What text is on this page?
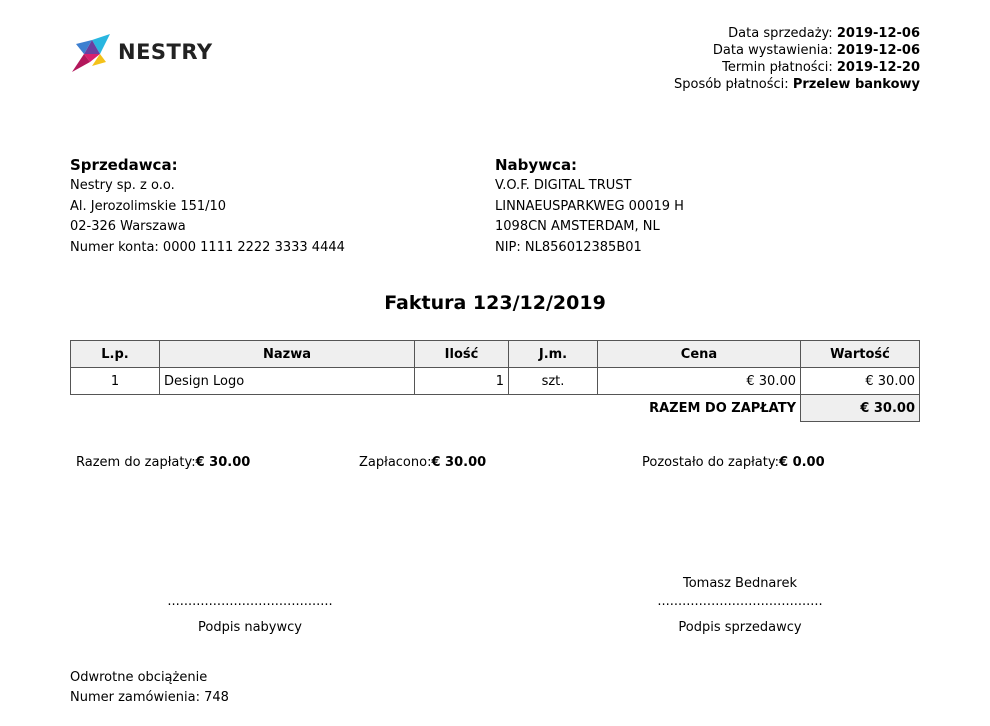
NESTRY
Data sprzedaży: 2019-12-06
Data wystawienia: 2019-12-06
Termin płatności: 2019-12-20
Sposób płatności: Przelew bankowy
Sprzedawca:
Nestry sp. z o.o.
Al. Jerozolimskie 151/10
02-326 Warszawa
Numer konta: 0000 1111 2222 3333 4444
Nabywca:
V.O.F. DIGITAL TRUST
LINNAEUSPARKWEG 00019 H
1098CN AMSTERDAM, NL
NIP: NL856012385B01
Faktura 123/12/2019
L.p.	Nazwa	Ilość	J.m.	Cena	Wartość
1	Design Logo	1	szt.	€ 30.00	€ 30.00
				RAZEM DO ZAPŁATY	€ 30.00
Razem do zapłaty:€ 30.00	Zapłacono:€ 30.00	Pozostało do zapłaty:€ 0.00
Tomasz Bednarek
........................................	........................................
Podpis nabywcy	Podpis sprzedawcy
Odwrotne obciążenie
Numer zamówienia: 748
